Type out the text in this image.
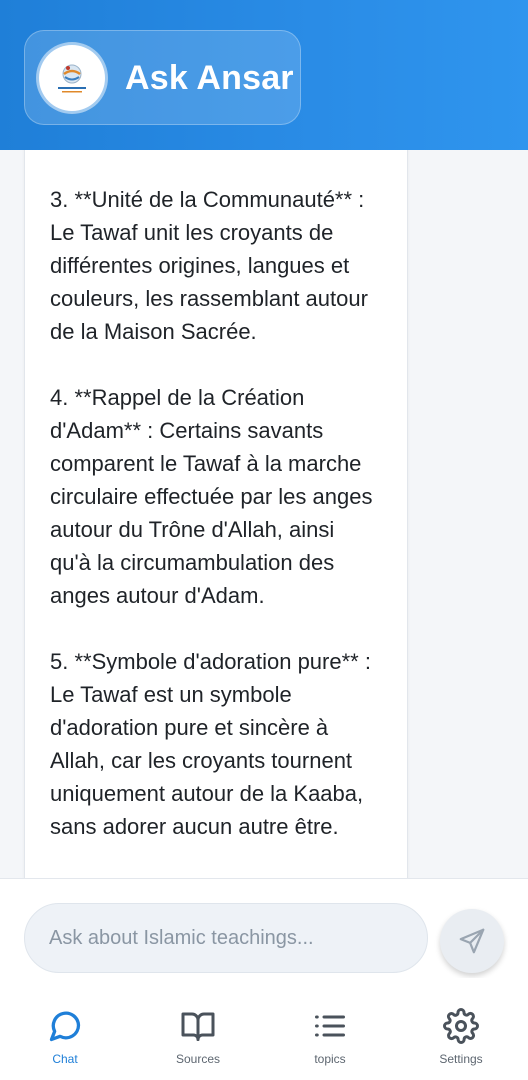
Ask Ansar
3. **Unité de la Communauté** :
Le Tawaf unit les croyants de
différentes origines, langues et
couleurs, les rassemblant autour
de la Maison Sacrée.

4. **Rappel de la Création
d'Adam** : Certains savants
comparent le Tawaf à la marche
circulaire effectuée par les anges
autour du Trône d'Allah, ainsi
qu'à la circumambulation des
anges autour d'Adam.

5. **Symbole d'adoration pure** :
Le Tawaf est un symbole
d'adoration pure et sincère à
Allah, car les croyants tournent
uniquement autour de la Kaaba,
sans adorer aucun autre être.
Ask about Islamic teachings...
Chat	Sources	topics	Settings
